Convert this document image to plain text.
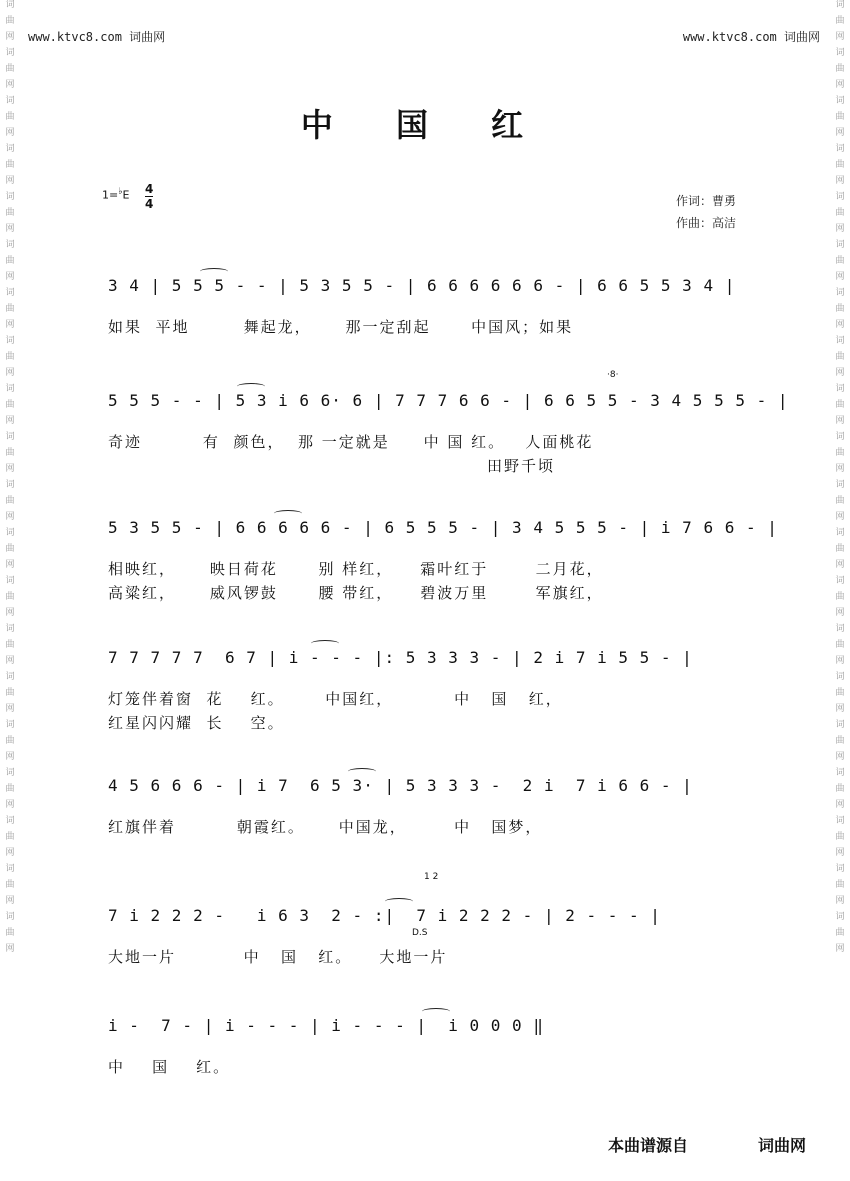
词
曲
网
词
曲
网
词
曲
网
词
曲
网
词
曲
网
词
曲
网
词
曲
网
词
曲
网
词
曲
网
词
曲
网
词
曲
网
词
曲
网
词
曲
网
词
曲
网
词
曲
网
词
曲
网
词
曲
网
词
曲
网
词
曲
网
词
曲
网
词
曲
网
词
曲
网
词
曲
网
词
曲
网
词
曲
网
词
曲
网
词
曲
网
词
曲
网
词
曲
网
词
曲
网
词
曲
网
词
曲
网
词
曲
网
词
曲
网
词
曲
网
词
曲
网
词
曲
网
词
曲
网
词
曲
网
词
曲
网
www.ktvc8.com 词曲网	www.ktvc8.com 词曲网
中 国 红
1=♭E 4
4	作词：曹勇
作曲：高洁
·8·
D.S
1 2
3 4 | 5 5 5 - - | 5 3 5 5 - | 6 6 6 6 6 6 - | 6 6 5 5 3 4 |
如果  平地        舞起龙，     那一定刮起      中国风；如果
5 5 5 - - | 5 3 i 6 6· 6 | 7 7 7 6 6 - | 6 6 5 5 - 3 4 5 5 5 - |
奇迹         有  颜色，  那 一定就是     中 国 红。   人面桃花
田野千顷
5 3 5 5 - | 6 6 6 6 6 - | 6 5 5 5 - | 3 4 5 5 5 - | i 7 6 6 - |
相映红，     映日荷花      别 样红，    霜叶红于       二月花，
高粱红，     威风锣鼓      腰 带红，    碧波万里       军旗红，
7 7 7 7 7  6 7 | i - - - |: 5 3 3 3 - | 2 i 7 i 5 5 - |
灯笼伴着窗  花    红。      中国红，         中   国   红，
红星闪闪耀  长    空。
4 5 6 6 6 - | i 7  6 5 3· | 5 3 3 3 -  2 i  7 i 6 6 - |
红旗伴着         朝霞红。     中国龙，       中   国梦，
7 i 2 2 2 -   i 6 3  2 - :|  7 i 2 2 2 - | 2 - - - |
大地一片          中   国   红。    大地一片
i -  7 - | i - - - | i - - - |  i 0 0 0 ‖
中    国    红。
本曲谱源自	词曲网
